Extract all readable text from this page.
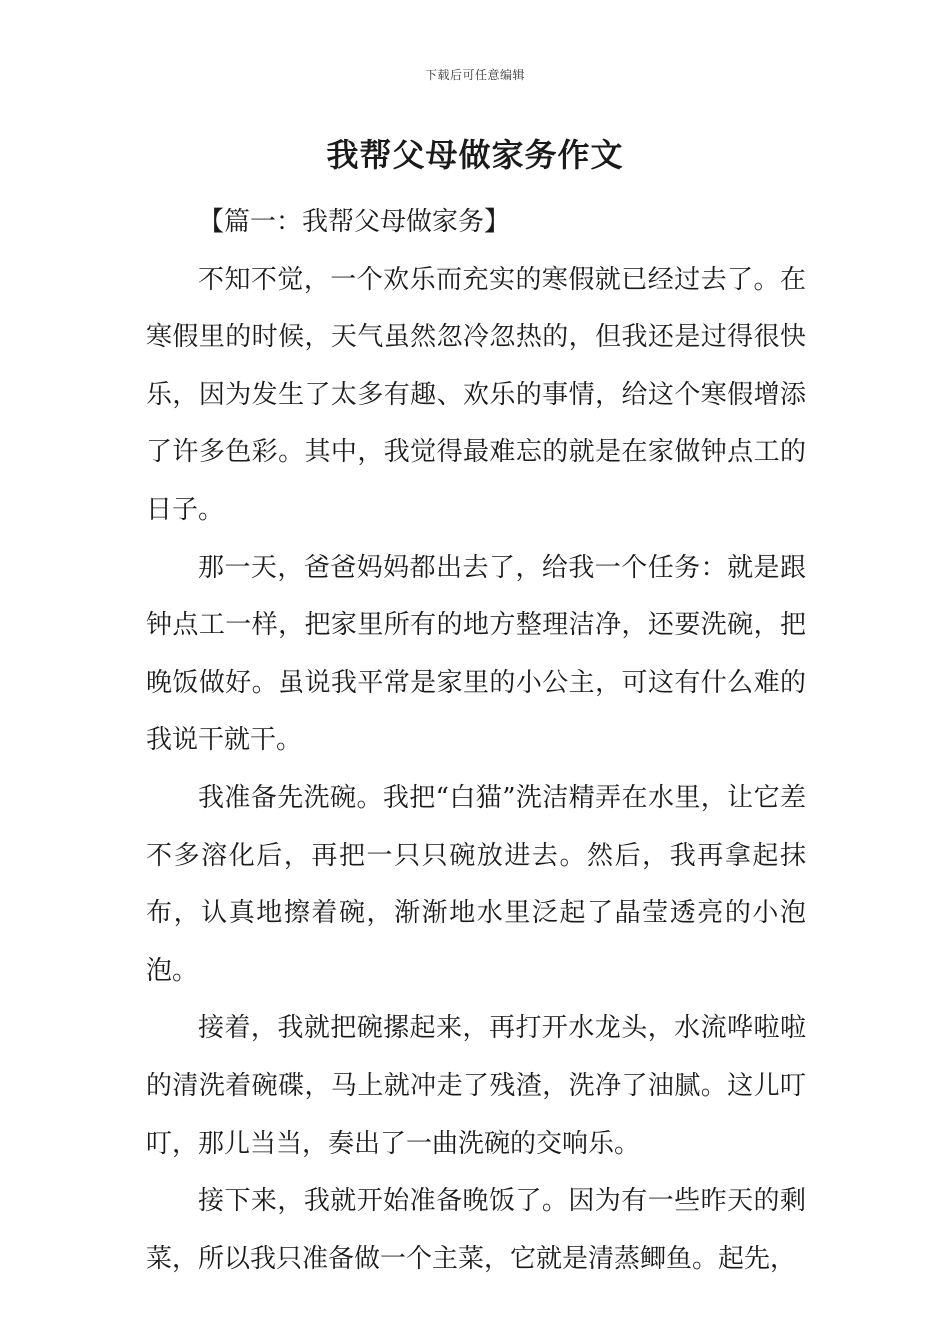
下载后可任意编辑
我帮父母做家务作文
【篇一：我帮父母做家务】

不知不觉，一个欢乐而充实的寒假就已经过去了。在寒假里的时候，天气虽然忽冷忽热的，但我还是过得很快乐，因为发生了太多有趣、欢乐的事情，给这个寒假增添了许多色彩。其中，我觉得最难忘的就是在家做钟点工的日子。

那一天，爸爸妈妈都出去了，给我一个任务：就是跟钟点工一样，把家里所有的地方整理洁净，还要洗碗，把晚饭做好。虽说我平常是家里的小公主，可这有什么难的我说干就干。

我准备先洗碗。我把“白猫”洗洁精弄在水里，让它差不多溶化后，再把一只只碗放进去。然后，我再拿起抹布，认真地擦着碗，渐渐地水里泛起了晶莹透亮的小泡泡。

接着，我就把碗摞起来，再打开水龙头，水流哗啦啦的清洗着碗碟，马上就冲走了残渣，洗净了油腻。这儿叮叮，那儿当当，奏出了一曲洗碗的交响乐。

接下来，我就开始准备晚饭了。因为有一些昨天的剩菜，所以我只准备做一个主菜，它就是清蒸鲫鱼。起先，
